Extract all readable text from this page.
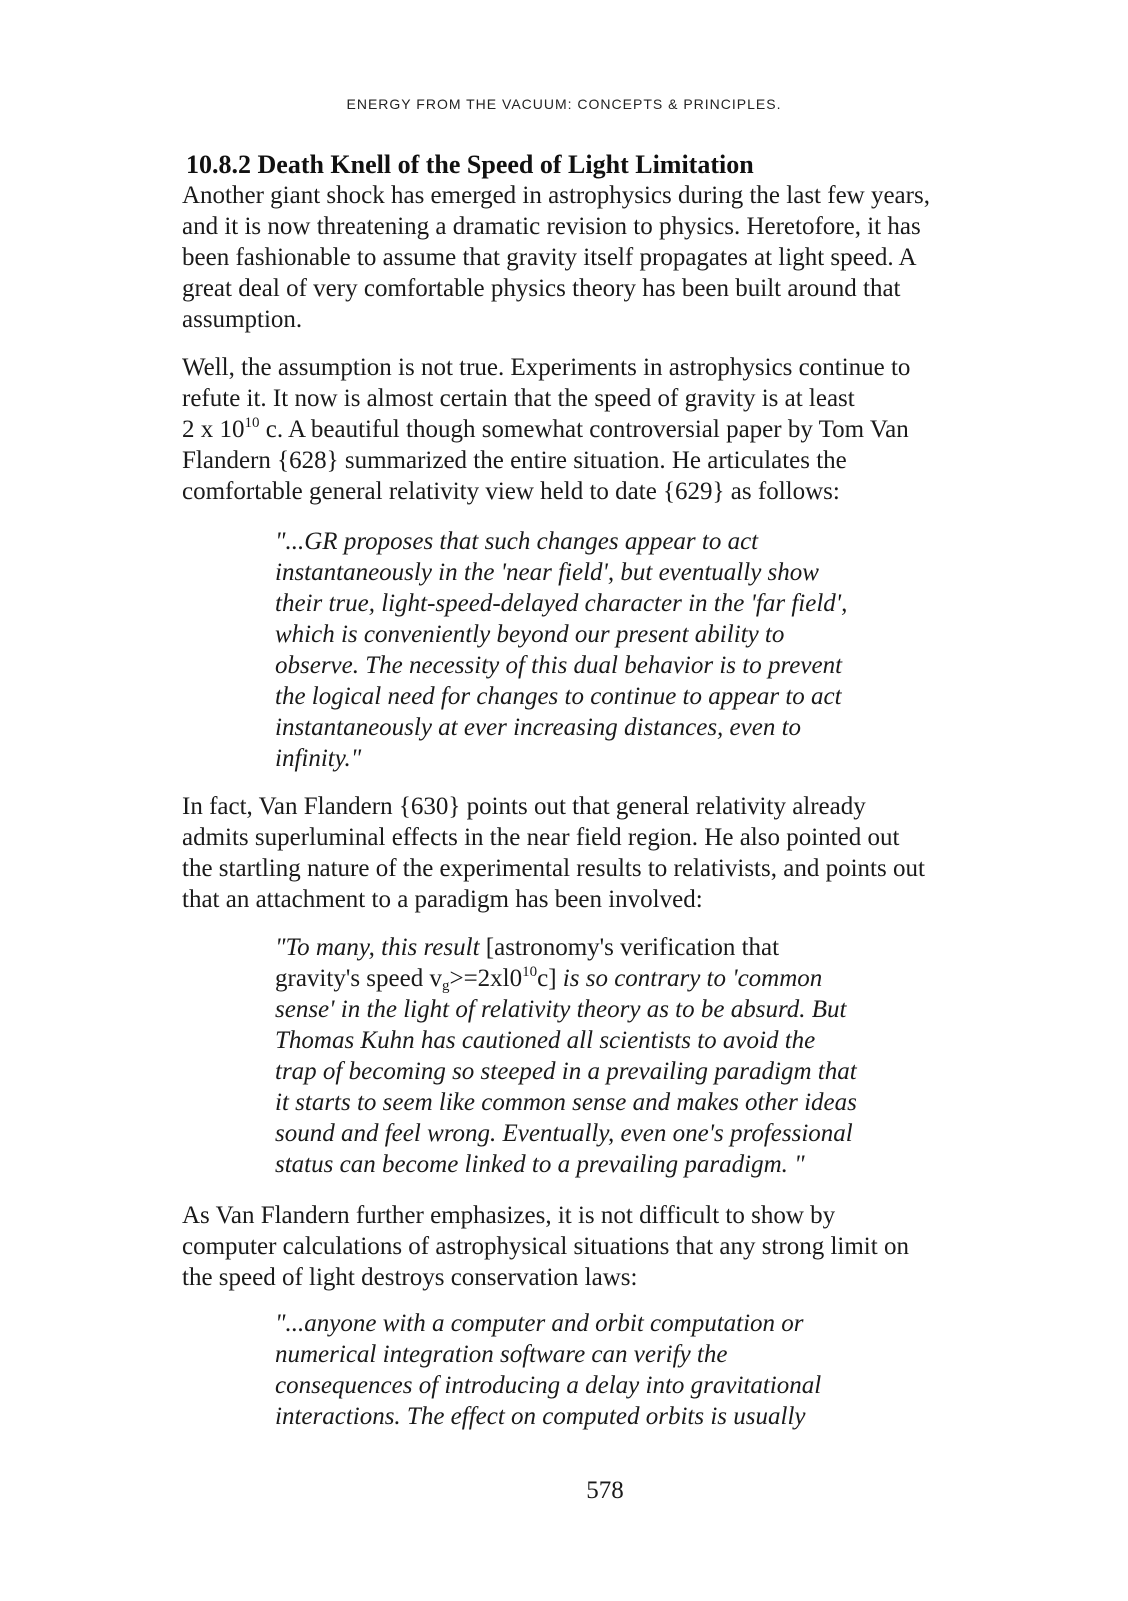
ENERGY FROM THE VACUUM: CONCEPTS & PRINCIPLES.
10.8.2 Death Knell of the Speed of Light Limitation
Another giant shock has emerged in astrophysics during the last few years,
and it is now threatening a dramatic revision to physics. Heretofore, it has
been fashionable to assume that gravity itself propagates at light speed. A
great deal of very comfortable physics theory has been built around that
assumption.
Well, the assumption is not true. Experiments in astrophysics continue to
refute it. It now is almost certain that the speed of gravity is at least
2 x $10^{10}$ c. A beautiful though somewhat controversial paper by Tom Van
Flandern {628} summarized the entire situation. He articulates the
comfortable general relativity view held to date {629} as follows:
"...GR proposes that such changes appear to act
instantaneously in the 'near field', but eventually show
their true, light-speed-delayed character in the 'far field',
which is conveniently beyond our present ability to
observe. The necessity of this dual behavior is to prevent
the logical need for changes to continue to appear to act
instantaneously at ever increasing distances, even to
infinity."
In fact, Van Flandern {630} points out that general relativity already
admits superluminal effects in the near field region. He also pointed out
the startling nature of the experimental results to relativists, and points out
that an attachment to a paradigm has been involved:
"To many, this result [astronomy's verification that
gravity's speed $v_g>=2xl0^{10}c$] is so contrary to 'common
sense' in the light of relativity theory as to be absurd. But
Thomas Kuhn has cautioned all scientists to avoid the
trap of becoming so steeped in a prevailing paradigm that
it starts to seem like common sense and makes other ideas
sound and feel wrong. Eventually, even one's professional
status can become linked to a prevailing paradigm. "
As Van Flandern further emphasizes, it is not difficult to show by
computer calculations of astrophysical situations that any strong limit on
the speed of light destroys conservation laws:
"...anyone with a computer and orbit computation or
numerical integration software can verify the
consequences of introducing a delay into gravitational
interactions. The effect on computed orbits is usually
578
